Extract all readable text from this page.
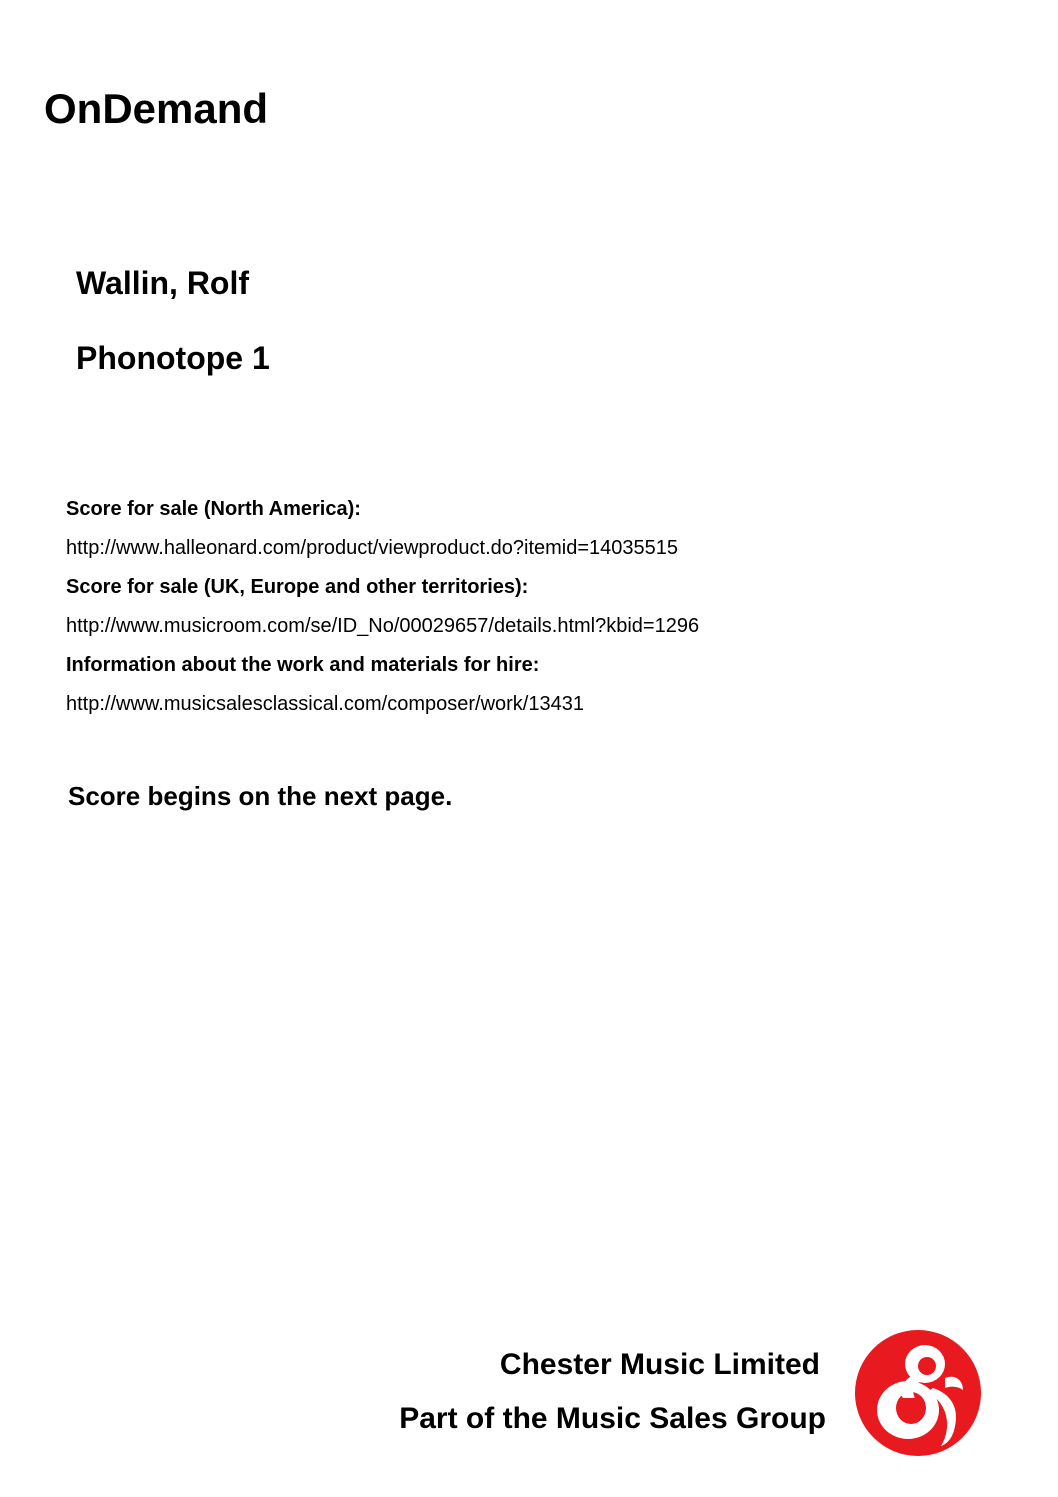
OnDemand
Wallin, Rolf
Phonotope 1

Score for sale (North America):

http://www.halleonard.com/product/viewproduct.do?itemid=14035515

Score for sale (UK, Europe and other territories):

http://www.musicroom.com/se/ID_No/00029657/details.html?kbid=1296

Information about the work and materials for hire:

http://www.musicsalesclassical.com/composer/work/13431

Score begins on the next page.

Chester Music Limited

Part of the Music Sales Group
